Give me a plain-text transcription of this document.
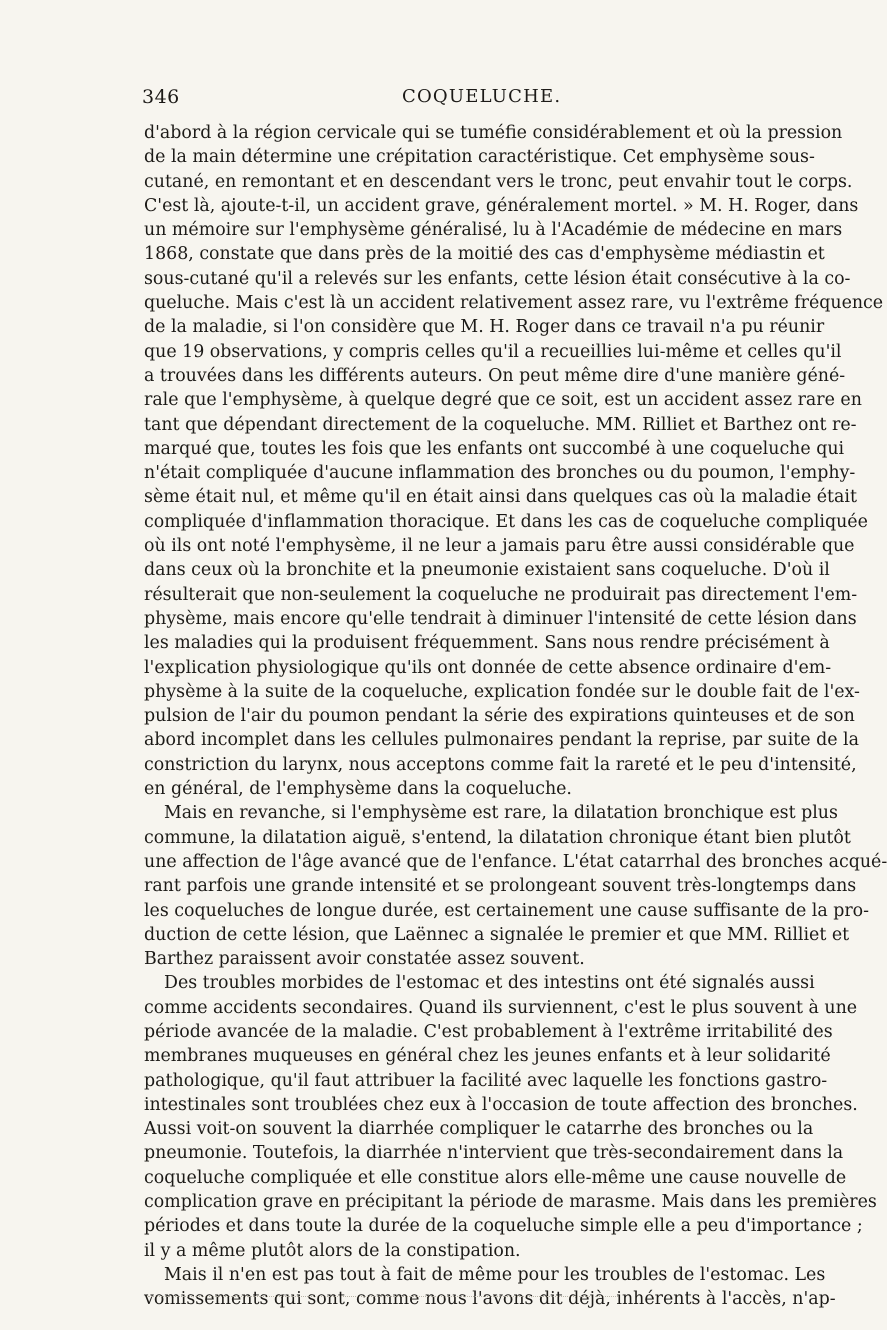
346	COQUELUCHE.
d'abord à la région cervicale qui se tuméfie considérablement et où la pression
de la main détermine une crépitation caractéristique. Cet emphysème sous-
cutané, en remontant et en descendant vers le tronc, peut envahir tout le corps.
C'est là, ajoute-t-il, un accident grave, généralement mortel. » M. H. Roger, dans
un mémoire sur l'emphysème généralisé, lu à l'Académie de médecine en mars
1868, constate que dans près de la moitié des cas d'emphysème médiastin et
sous-cutané qu'il a relevés sur les enfants, cette lésion était consécutive à la co-
queluche. Mais c'est là un accident relativement assez rare, vu l'extrême fréquence
de la maladie, si l'on considère que M. H. Roger dans ce travail n'a pu réunir
que 19 observations, y compris celles qu'il a recueillies lui-même et celles qu'il
a trouvées dans les différents auteurs. On peut même dire d'une manière géné-
rale que l'emphysème, à quelque degré que ce soit, est un accident assez rare en
tant que dépendant directement de la coqueluche. MM. Rilliet et Barthez ont re-
marqué que, toutes les fois que les enfants ont succombé à une coqueluche qui
n'était compliquée d'aucune inflammation des bronches ou du poumon, l'emphy-
sème était nul, et même qu'il en était ainsi dans quelques cas où la maladie était
compliquée d'inflammation thoracique. Et dans les cas de coqueluche compliquée
où ils ont noté l'emphysème, il ne leur a jamais paru être aussi considérable que
dans ceux où la bronchite et la pneumonie existaient sans coqueluche. D'où il
résulterait que non-seulement la coqueluche ne produirait pas directement l'em-
physème, mais encore qu'elle tendrait à diminuer l'intensité de cette lésion dans
les maladies qui la produisent fréquemment. Sans nous rendre précisément à
l'explication physiologique qu'ils ont donnée de cette absence ordinaire d'em-
physème à la suite de la coqueluche, explication fondée sur le double fait de l'ex-
pulsion de l'air du poumon pendant la série des expirations quinteuses et de son
abord incomplet dans les cellules pulmonaires pendant la reprise, par suite de la
constriction du larynx, nous acceptons comme fait la rareté et le peu d'intensité,
en général, de l'emphysème dans la coqueluche.
Mais en revanche, si l'emphysème est rare, la dilatation bronchique est plus
commune, la dilatation aiguë, s'entend, la dilatation chronique étant bien plutôt
une affection de l'âge avancé que de l'enfance. L'état catarrhal des bronches acqué-
rant parfois une grande intensité et se prolongeant souvent très-longtemps dans
les coqueluches de longue durée, est certainement une cause suffisante de la pro-
duction de cette lésion, que Laënnec a signalée le premier et que MM. Rilliet et
Barthez paraissent avoir constatée assez souvent.
Des troubles morbides de l'estomac et des intestins ont été signalés aussi
comme accidents secondaires. Quand ils surviennent, c'est le plus souvent à une
période avancée de la maladie. C'est probablement à l'extrême irritabilité des
membranes muqueuses en général chez les jeunes enfants et à leur solidarité
pathologique, qu'il faut attribuer la facilité avec laquelle les fonctions gastro-
intestinales sont troublées chez eux à l'occasion de toute affection des bronches.
Aussi voit-on souvent la diarrhée compliquer le catarrhe des bronches ou la
pneumonie. Toutefois, la diarrhée n'intervient que très-secondairement dans la
coqueluche compliquée et elle constitue alors elle-même une cause nouvelle de
complication grave en précipitant la période de marasme. Mais dans les premières
périodes et dans toute la durée de la coqueluche simple elle a peu d'importance ;
il y a même plutôt alors de la constipation.
Mais il n'en est pas tout à fait de même pour les troubles de l'estomac. Les
vomissements qui sont, comme nous l'avons dit déjà, inhérents à l'accès, n'ap-
